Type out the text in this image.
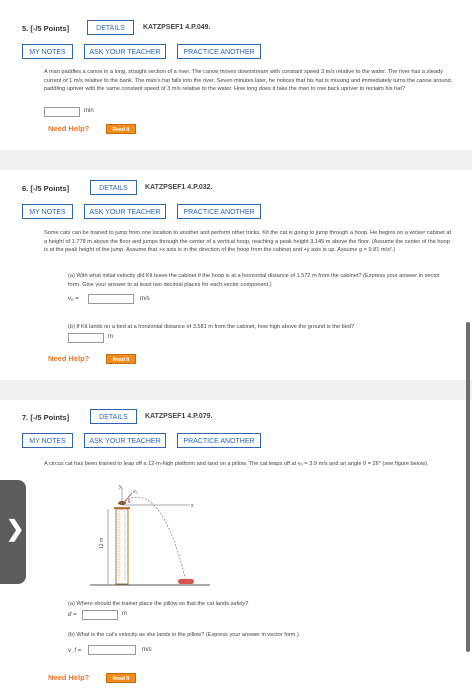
5. [-/5 Points]	DETAILS	KATZPSEF1 4.P.049.
MY NOTES	ASK YOUR TEACHER	PRACTICE ANOTHER
A man paddles a canoe in a long, straight section of a river. The canoe moves downstream with constant speed 3 m/s relative to the water. The river has a steady current of 1 m/s relative to the bank. The man's hat falls into the river. Seven minutes later, he notices that his hat is missing and immediately turns the canoe around, paddling upriver with the same constant speed of 3 m/s relative to the water. How long does it take the man to row back upriver to reclaim his hat?
min
Need Help?	Read It
6. [-/5 Points]	DETAILS	KATZPSEF1 4.P.032.
MY NOTES	ASK YOUR TEACHER	PRACTICE ANOTHER
Some cats can be trained to jump from one location to another and perform other tricks. Kit the cat is going to jump through a hoop. He begins on a wicker cabinet at a height of 1.778 m above the floor and jumps through the center of a vertical hoop, reaching a peak height 3.145 m above the floor. (Assume the center of the hoop is at the peak height of the jump. Assume that +x axis is in the direction of the hoop from the cabinet and +y axis is up. Assume g = 9.81 m/s².)
(a) With what initial velocity did Kit leave the cabinet if the hoop is at a horizontal distance of 1.572 m from the cabinet? (Express your answer in vector form. Give your answer to at least two decimal places for each vector component.)
v₀ =	m/s
(b) If Kit lands on a bed at a horizontal distance of 3.581 m from the cabinet, how high above the ground is the bed?
m
Need Help?	Read It
7. [-/5 Points]	DETAILS	KATZPSEF1 4.P.079.
MY NOTES	ASK YOUR TEACHER	PRACTICE ANOTHER
A circus cat has been trained to leap off a 12-m-high platform and land on a pillow. The cat leaps off at v₀ = 3.9 m/s and an angle θ = 26° (see figure below).
12 m
x
y
v₀
θ
(a) Where should the trainer place the pillow so that the cat lands safely?
d =	m
(b) What is the cat's velocity as she lands in the pillow? (Express your answer in vector form.)
v_f =	m/s
Need Help?	Read It
❯
